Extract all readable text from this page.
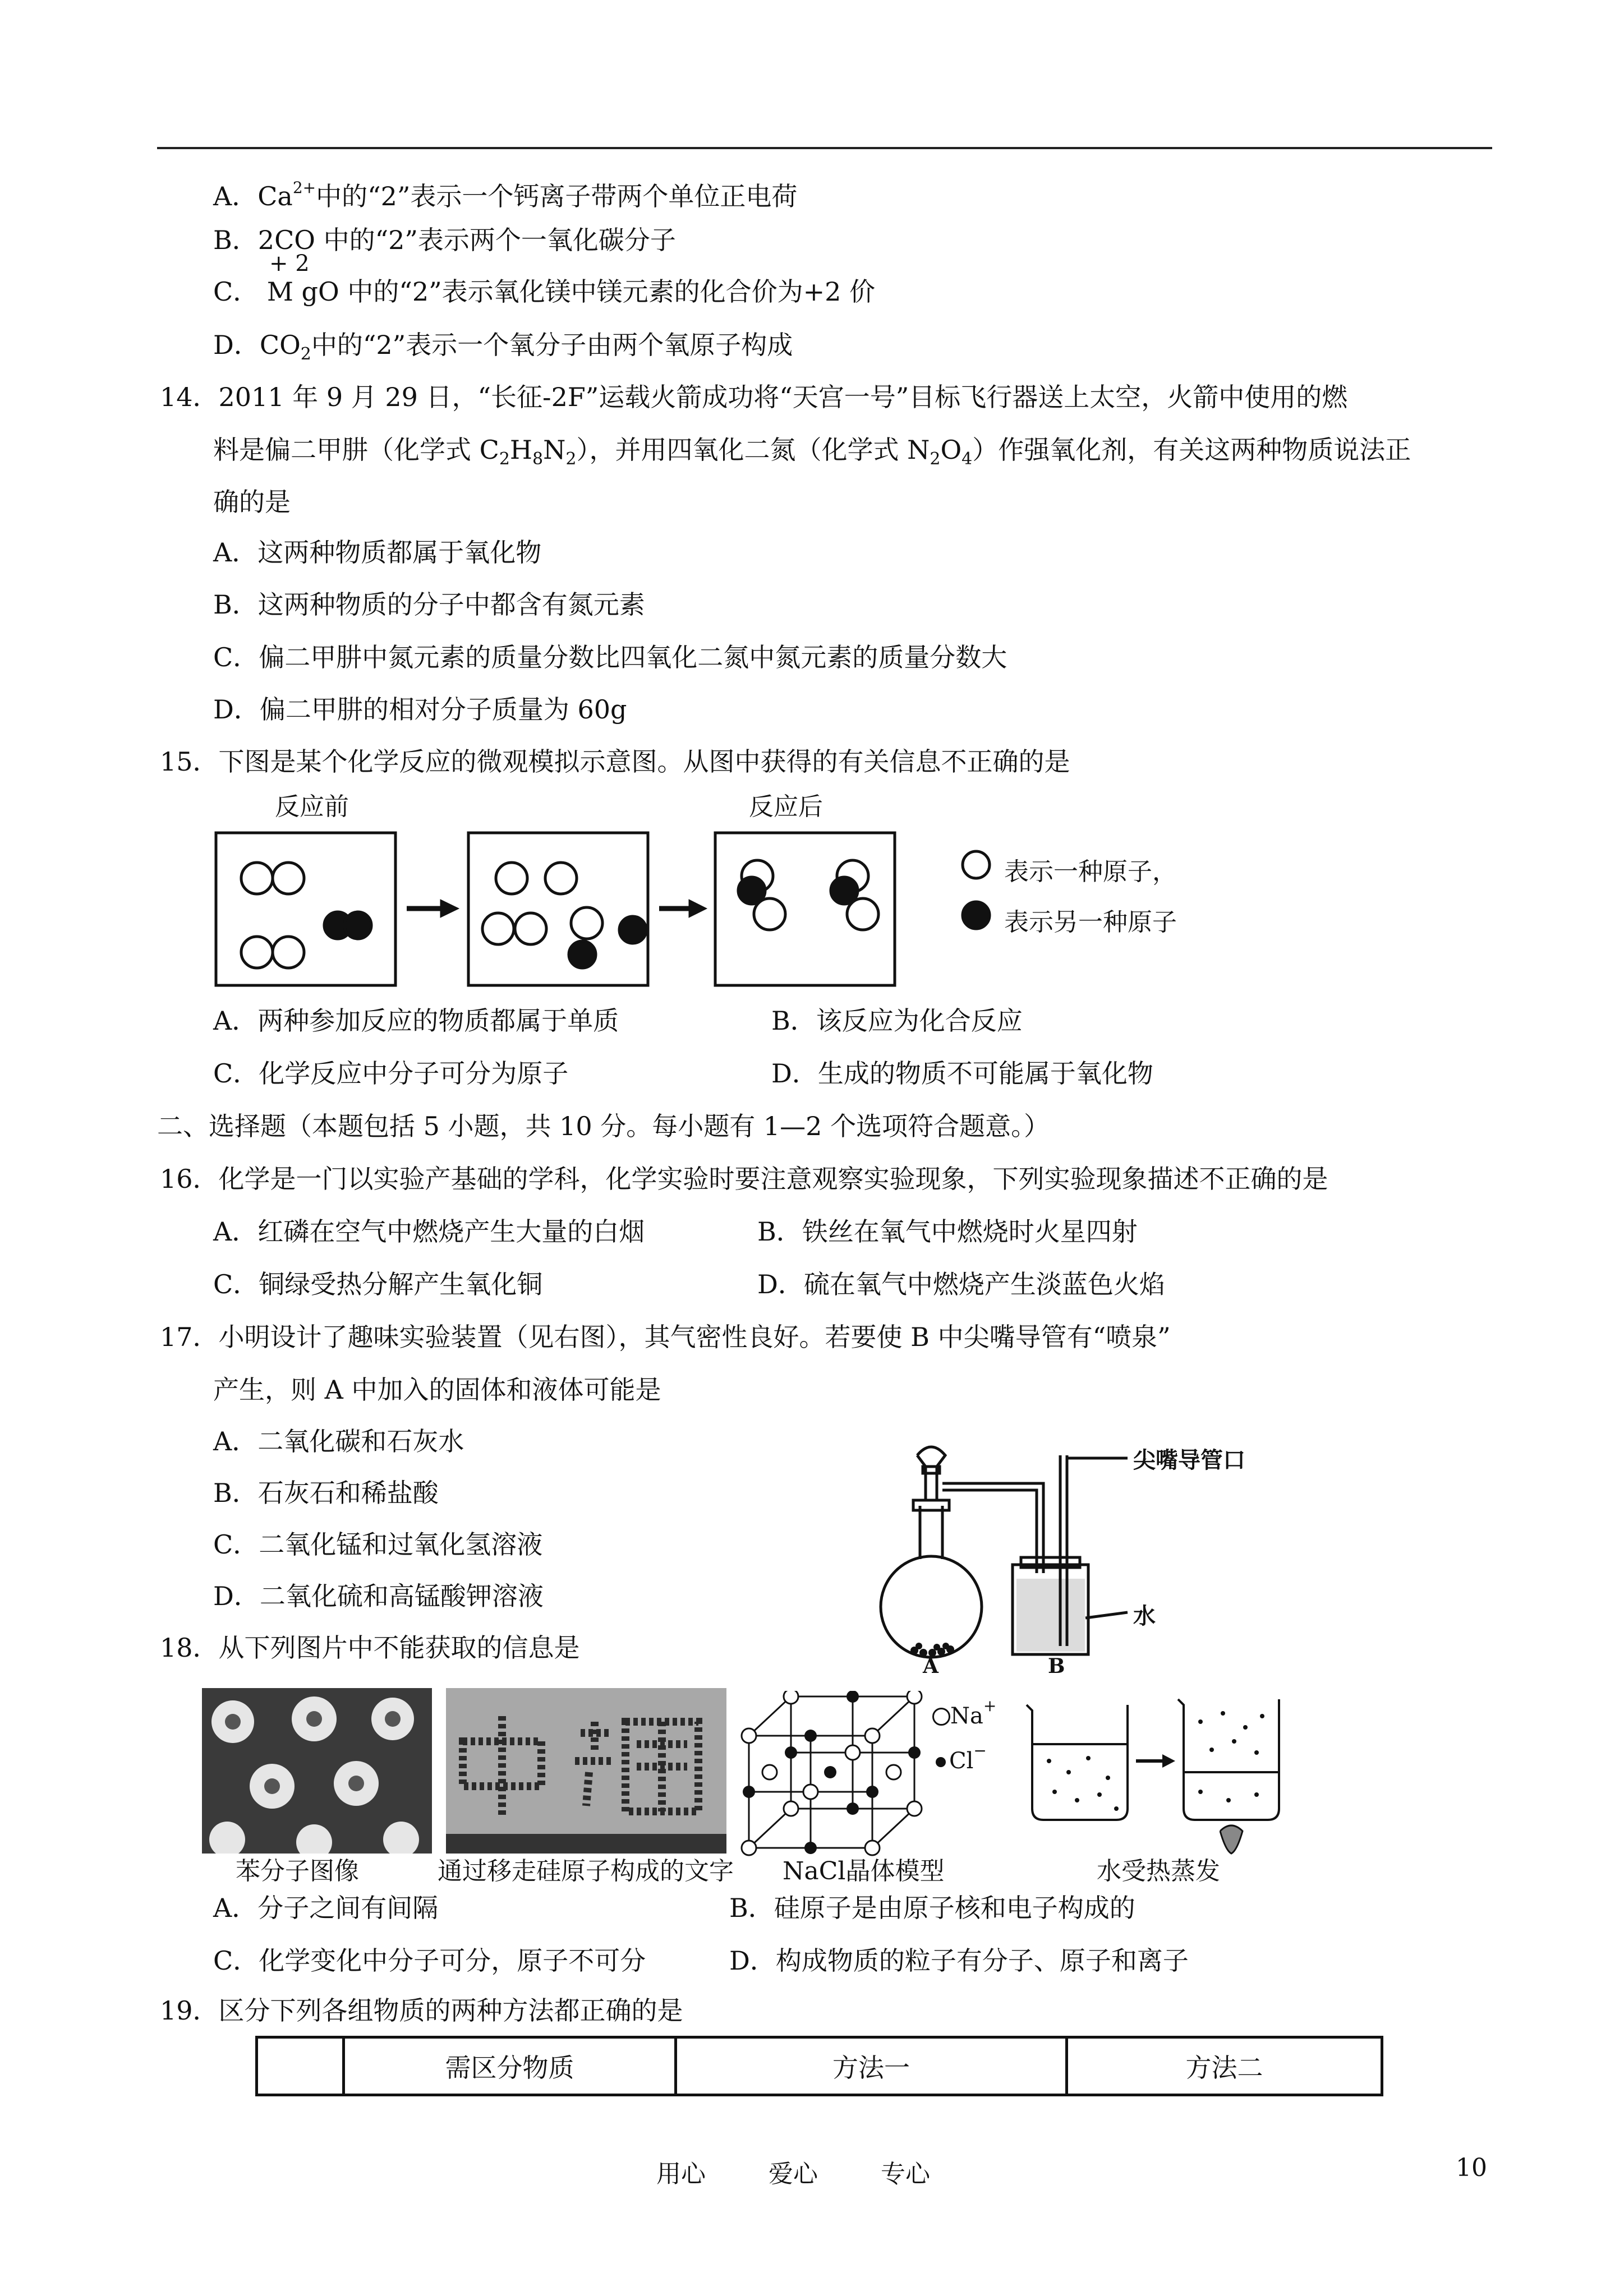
A．$Ca^{2+}$中的“2”表示一个钙离子带两个单位正电荷
B．2CO 中的“2”表示两个一氧化碳分子
+ 2
C． M gO 中的“2”表示氧化镁中镁元素的化合价为+2 价
D．$CO_2$中的“2”表示一个氧分子由两个氧原子构成
14．2011 年 9 月 29 日，“长征-2F”运载火箭成功将“天宫一号”目标飞行器送上太空，火箭中使用的燃
料是偏二甲肼（化学式 $C_2H_8N_2$），并用四氧化二氮（化学式 $N_2O_4$）作强氧化剂，有关这两种物质说法正
确的是
A．这两种物质都属于氧化物
B．这两种物质的分子中都含有氮元素
C．偏二甲肼中氮元素的质量分数比四氧化二氮中氮元素的质量分数大
D．偏二甲肼的相对分子质量为 60g
15．下图是某个化学反应的微观模拟示意图。从图中获得的有关信息不正确的是
反应前	反应后
表示一种原子，
表示另一种原子
A．两种参加反应的物质都属于单质	B．该反应为化合反应
C．化学反应中分子可分为原子	D．生成的物质不可能属于氧化物
二、选择题（本题包括 5 小题，共 10 分。每小题有 1—2 个选项符合题意。）
16．化学是一门以实验产基础的学科，化学实验时要注意观察实验现象，下列实验现象描述不正确的是
A．红磷在空气中燃烧产生大量的白烟	B．铁丝在氧气中燃烧时火星四射
C．铜绿受热分解产生氧化铜	D．硫在氧气中燃烧产生淡蓝色火焰
17．小明设计了趣味实验装置（见右图），其气密性良好。若要使 B 中尖嘴导管有“喷泉”
产生，则 A 中加入的固体和液体可能是
A．二氧化碳和石灰水
B．石灰石和稀盐酸
C．二氧化锰和过氧化氢溶液
D．二氧化硫和高锰酸钾溶液
尖嘴导管口
水
A	B
18．从下列图片中不能获取的信息是
Na+
Cl−
苯分子图像	通过移走硅原子构成的文字 NaCl晶体模型	水受热蒸发
A．分子之间有间隔	B．硅原子是由原子核和电子构成的
C．化学变化中分子可分，原子不可分	D．构成物质的粒子有分子、原子和离子
19．区分下列各组物质的两种方法都正确的是
	需区分物质	方法一	方法二
用心	爱心	专心	10
